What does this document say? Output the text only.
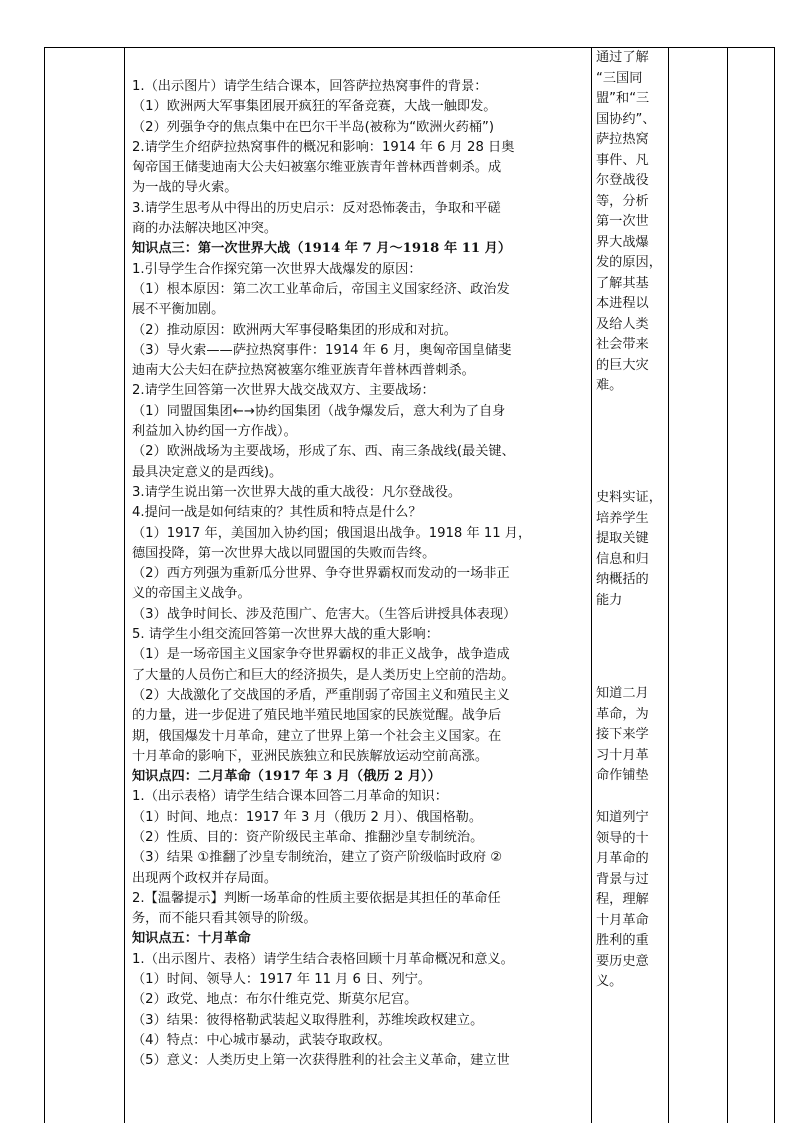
1.（出示图片）请学生结合课本，回答萨拉热窝事件的背景：

（1）欧洲两大军事集团展开疯狂的军备竞赛，大战一触即发。

（2）列强争夺的焦点集中在巴尔干半岛(被称为“欧洲火药桶”)

2.请学生介绍萨拉热窝事件的概况和影响：1914 年 6 月 28 日奥

匈帝国王储斐迪南大公夫妇被塞尔维亚族青年普林西普刺杀。成

为一战的导火索。

3.请学生思考从中得出的历史启示：反对恐怖袭击，争取和平磋

商的办法解决地区冲突。

知识点三：第一次世界大战（1914 年 7 月～1918 年 11 月）

1.引导学生合作探究第一次世界大战爆发的原因：

（1）根本原因：第二次工业革命后，帝国主义国家经济、政治发

展不平衡加剧。

（2）推动原因：欧洲两大军事侵略集团的形成和对抗。

（3）导火索——萨拉热窝事件：1914 年 6 月，奥匈帝国皇储斐

迪南大公夫妇在萨拉热窝被塞尔维亚族青年普林西普刺杀。

2.请学生回答第一次世界大战交战双方、主要战场：

（1）同盟国集团←→协约国集团（战争爆发后，意大利为了自身

利益加入协约国一方作战）。

（2）欧洲战场为主要战场，形成了东、西、南三条战线(最关键、

最具决定意义的是西线)。

3.请学生说出第一次世界大战的重大战役：凡尔登战役。

4.提问一战是如何结束的？其性质和特点是什么？

（1）1917 年，美国加入协约国；俄国退出战争。1918 年 11 月，

德国投降，第一次世界大战以同盟国的失败而告终。

（2）西方列强为重新瓜分世界、争夺世界霸权而发动的一场非正

义的帝国主义战争。

（3）战争时间长、涉及范围广、危害大。（生答后讲授具体表现）

5. 请学生小组交流回答第一次世界大战的重大影响：

（1）是一场帝国主义国家争夺世界霸权的非正义战争，战争造成

了大量的人员伤亡和巨大的经济损失，是人类历史上空前的浩劫。

（2）大战激化了交战国的矛盾，严重削弱了帝国主义和殖民主义

的力量，进一步促进了殖民地半殖民地国家的民族觉醒。战争后

期，俄国爆发十月革命，建立了世界上第一个社会主义国家。在

十月革命的影响下，亚洲民族独立和民族解放运动空前高涨。

知识点四：二月革命（1917 年 3 月（俄历 2 月））

1.（出示表格）请学生结合课本回答二月革命的知识：

（1）时间、地点：1917 年 3 月（俄历 2 月）、俄国格勒。

（2）性质、目的：资产阶级民主革命、推翻沙皇专制统治。

（3）结果 ①推翻了沙皇专制统治，建立了资产阶级临时政府 ②

出现两个政权并存局面。

2.【温馨提示】判断一场革命的性质主要依据是其担任的革命任

务，而不能只看其领导的阶级。

知识点五：十月革命

1.（出示图片、表格）请学生结合表格回顾十月革命概况和意义。

（1）时间、领导人：1917 年 11 月 6 日、列宁。

（2）政党、地点：布尔什维克党、斯莫尔尼宫。

（3）结果：彼得格勒武装起义取得胜利，苏维埃政权建立。

（4）特点：中心城市暴动，武装夺取政权。

（5）意义：人类历史上第一次获得胜利的社会主义革命，建立世

通过了解

“三国同

盟”和“三

国协约”、

萨拉热窝

事件、凡

尔登战役

等，分析

第一次世

界大战爆

发的原因，

了解其基

本进程以

及给人类

社会带来

的巨大灾

难。

史料实证，

培养学生

提取关键

信息和归

纳概括的

能力

知道二月

革命，为

接下来学

习十月革

命作铺垫

知道列宁

领导的十

月革命的

背景与过

程，理解

十月革命

胜利的重

要历史意

义。
